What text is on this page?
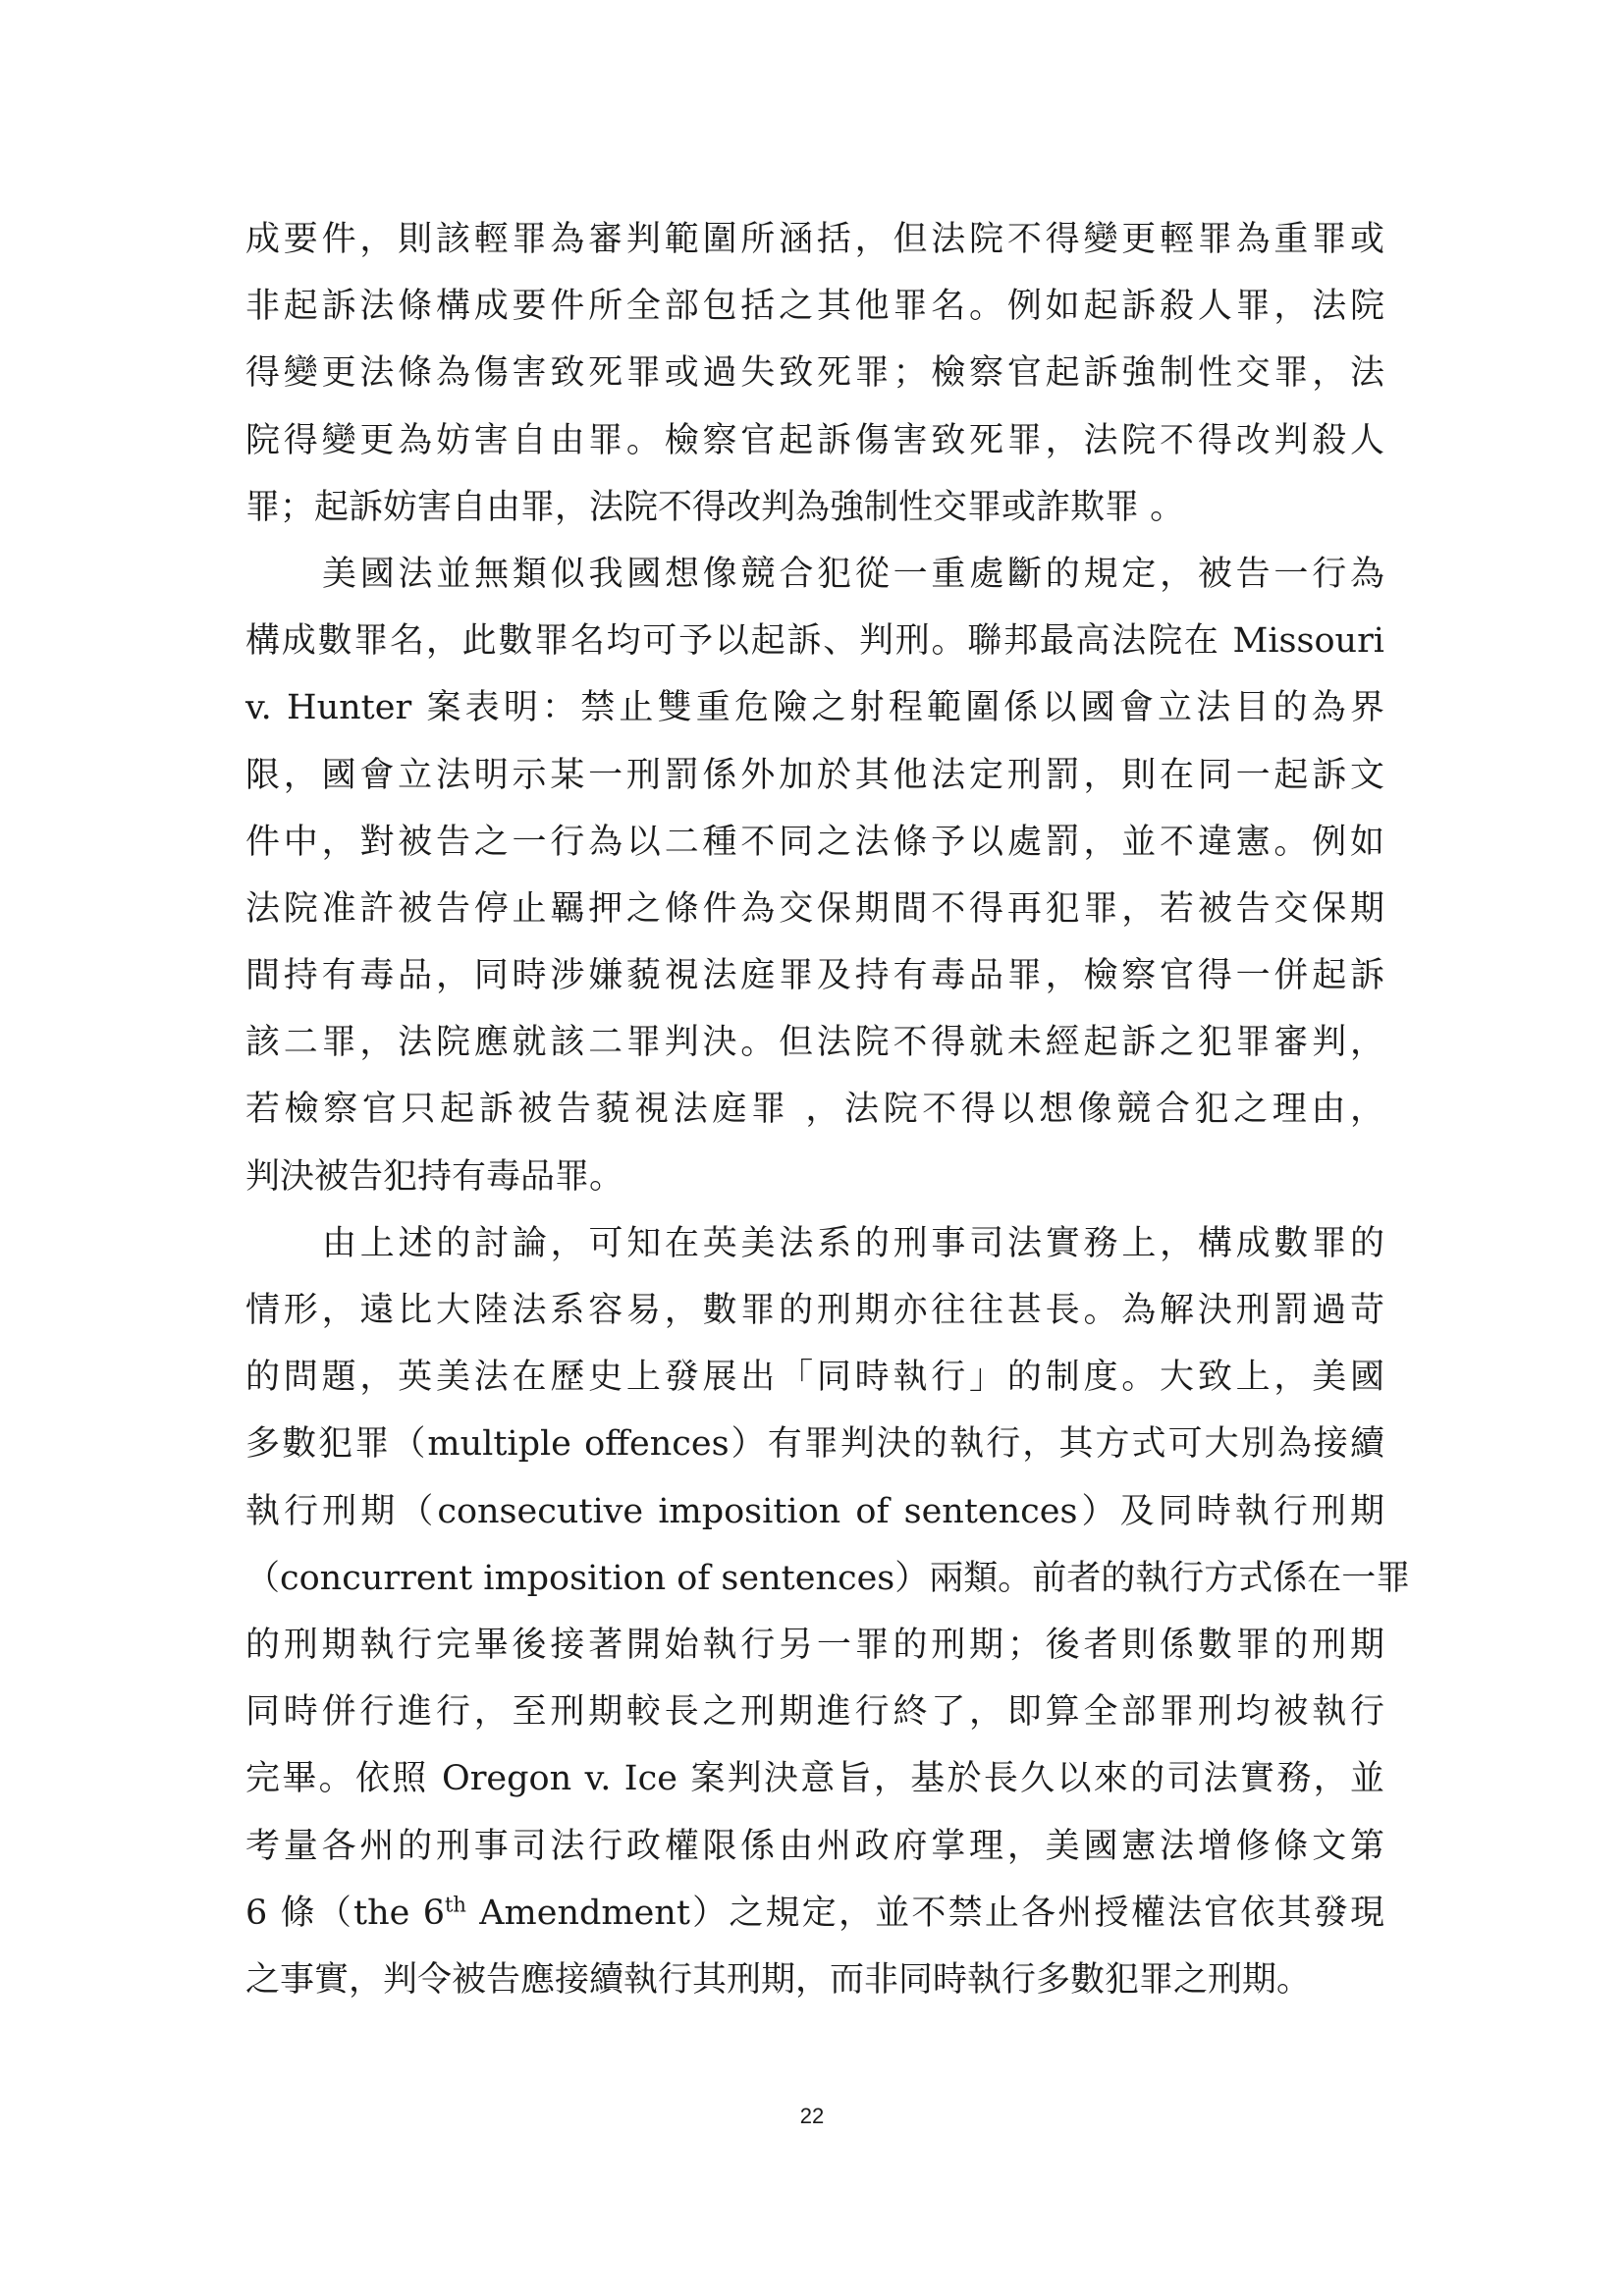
成要件，則該輕罪為審判範圍所涵括，但法院不得變更輕罪為重罪或
非起訴法條構成要件所全部包括之其他罪名。例如起訴殺人罪，法院
得變更法條為傷害致死罪或過失致死罪；檢察官起訴強制性交罪，法
院得變更為妨害自由罪。檢察官起訴傷害致死罪，法院不得改判殺人
罪；起訴妨害自由罪，法院不得改判為強制性交罪或詐欺罪 。
美國法並無類似我國想像競合犯從一重處斷的規定，被告一行為
構成數罪名，此數罪名均可予以起訴、判刑。聯邦最高法院在 Missouri
v. Hunter 案表明：禁止雙重危險之射程範圍係以國會立法目的為界
限，國會立法明示某一刑罰係外加於其他法定刑罰，則在同一起訴文
件中，對被告之一行為以二種不同之法條予以處罰，並不違憲。例如
法院准許被告停止羈押之條件為交保期間不得再犯罪，若被告交保期
間持有毒品，同時涉嫌藐視法庭罪及持有毒品罪，檢察官得一併起訴
該二罪，法院應就該二罪判決。但法院不得就未經起訴之犯罪審判，
若檢察官只起訴被告藐視法庭罪 ，法院不得以想像競合犯之理由，
判決被告犯持有毒品罪。
由上述的討論，可知在英美法系的刑事司法實務上，構成數罪的
情形，遠比大陸法系容易，數罪的刑期亦往往甚長。為解決刑罰過苛
的問題，英美法在歷史上發展出「同時執行」的制度。大致上，美國
多數犯罪（multiple offences）有罪判決的執行，其方式可大別為接續
執行刑期（consecutive imposition of sentences）及同時執行刑期
（concurrent imposition of sentences）兩類。前者的執行方式係在一罪
的刑期執行完畢後接著開始執行另一罪的刑期；後者則係數罪的刑期
同時併行進行，至刑期較長之刑期進行終了，即算全部罪刑均被執行
完畢。依照 Oregon v. Ice 案判決意旨，基於長久以來的司法實務，並
考量各州的刑事司法行政權限係由州政府掌理，美國憲法增修條文第
6 條（the 6th Amendment）之規定，並不禁止各州授權法官依其發現
之事實，判令被告應接續執行其刑期，而非同時執行多數犯罪之刑期。
22
